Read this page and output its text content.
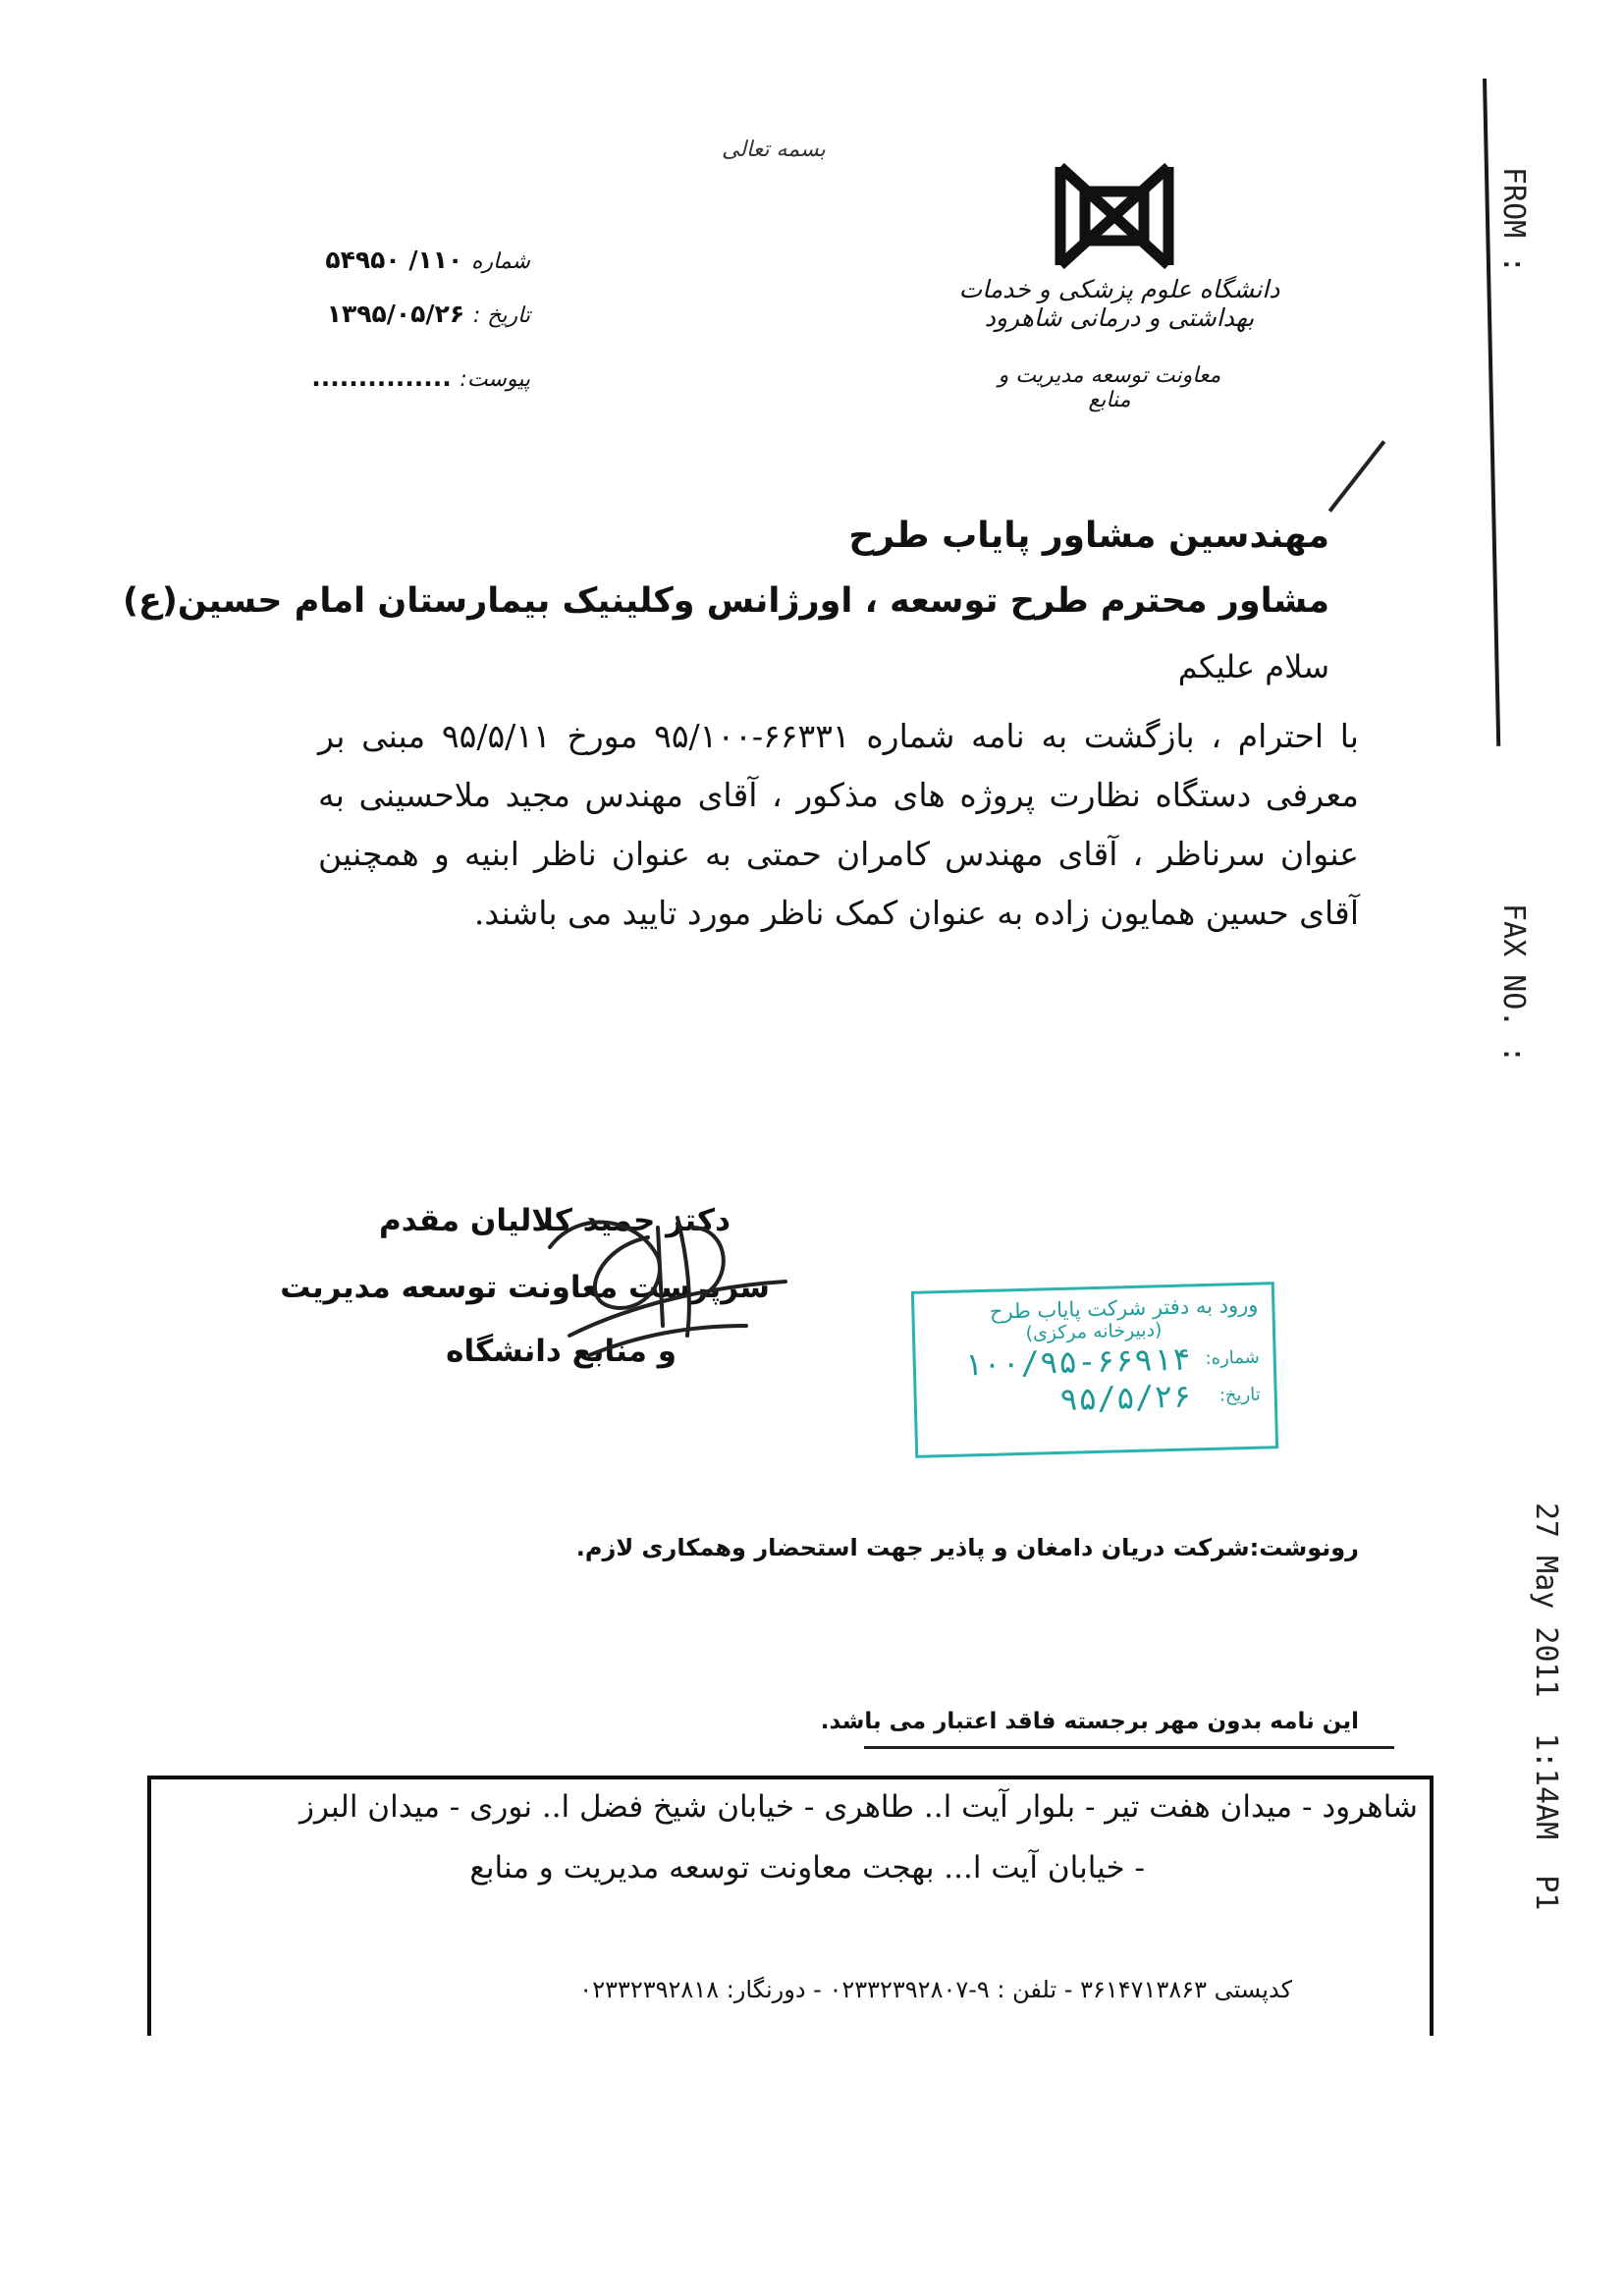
FROM :
FAX NO. :
27 May 2011  1:14AM  P1
بسمه تعالی
دانشگاه علوم پزشکی و خدمات بهداشتی و درمانی شاهرود
معاونت توسعه مدیریت و منابع
شماره ۱۱۰/ ۵۴۹۵۰
تاریخ : ۱۳۹۵/۰۵/۲۶
پیوست: ...............
مهندسین مشاور پایاب طرح
مشاور محترم طرح توسعه ، اورژانس وکلینیک بیمارستان امام حسین(ع)
سلام علیکم
با احترام ، بازگشت به نامه شماره ۶۶۳۳۱-۹۵/۱۰۰ مورخ ۹۵/۵/۱۱ مبنی بر معرفی دستگاه نظارت پروژه های مذکور ، آقای مهندس مجید ملاحسینی به عنوان سرناظر ، آقای مهندس کامران حمتی به عنوان ناظر ابنیه و همچنین آقای حسین همایون زاده به عنوان کمک ناظر مورد تایید می باشند.
دکتر حمید کلالیان مقدم
سرپرست معاونت توسعه مدیریت
و منابع دانشگاه
ورود به دفتر شرکت پایاب طرح
(دبیرخانه مرکزی)
شماره:
۱۰۰/۹۵-۶۶۹۱۴
تاریخ:
۹۵/۵/۲۶
رونوشت:شرکت دریان دامغان و پاذیر جهت استحضار وهمکاری لازم.
این نامه بدون مهر برجسته فاقد اعتبار می باشد.
شاهرود - میدان هفت تیر - بلوار آیت ا.. طاهری - خیابان شیخ فضل ا.. نوری - میدان البرز
- خیابان آیت ا... بهجت معاونت توسعه مدیریت و منابع
کدپستی ۳۶۱۴۷۱۳۸۶۳ - تلفن : ۹-۰۲۳۳۲۳۹۲۸۰۷ - دورنگار: ۰۲۳۳۲۳۹۲۸۱۸
